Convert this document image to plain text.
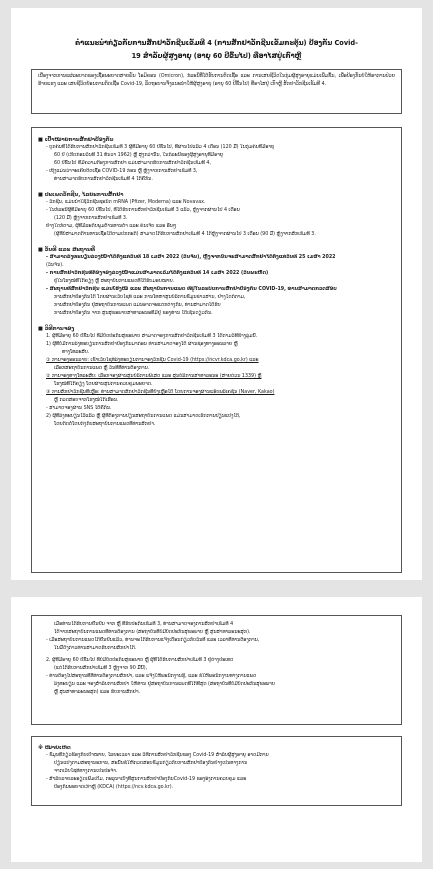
ຄໍາແນະນໍາກ່ຽວກັບການສັກຢາວັກຊີນເຂັມທີ 4 (ການສັກຢາວັກຊີນເຂັມກະຕຸ້ນ) ປ້ອງກັນ Covid-
19 ສໍາລັບຜູ້ສູງອາຍຸ (ອາຍຸ 60 ປີຂຶ້ນໄປ) ທີ່ອາໄສຢູ່ເກົາຫຼີ

ເນື່ອງຈາກການແຜ່ລະບາດຂອງເຊື້ອພະຍາດສາຍພັນ ໂອມິຄອນ (Omicron), ກໍລະນີທີ່ໄດ້ຮັບການຕິດເຊື້ອ ແລະ ການເສຍຊີວິດໃນກຸ່ມຜູ້ສູງອາຍຸແມ່ນເພີ່ມຂຶ້ນ, ເພື່ອປ້ອງກັນບໍ່ໃຫ້ອາການປ່ວຍຮ້າຍແຮງ ແລະ ເສຍຊີວິດຍ້ອນການຕິດເຊື້ອ Covid-19, ລັດຖະບານຈຶ່ງແນະນໍາໃຫ້ຜູ້ສູງອາຍຸ (ອາຍຸ 60 ປີຂຶ້ນໄປ) ທີ່ອາໄສຢູ່ ເກົາຫຼີ ສັກຢາວັກຊີນເຂັມທີ 4.

■ ເປົ້າໝາຍການສັກຢາປ້ອງກັນ
- ບຸກຄົນທີ່ໄດ້ຮັບການສັກຢາວັກຊີນເຂັມທີ 3 ຜູ້ທີ່ມີອາຍຸ 60 ປີຂຶ້ນໄປ, ທີ່ຜ່ານໄປແລ້ວ 4 ເດືອນ (120 ມື້) ໃນກຸ່ມຄົນທີ່ມີອາຍຸ
60 ປີ (ເກີດກ່ອນວັນທີ 31 ທັນວາ 1962) ຫຼື ສູງກວ່ານັ້ນ, ໃນກໍລະນີຂອງຜູ້ສູງອາຍຸທີ່ມີອາຍຸ
60 ປີຂຶ້ນໄປ ທີ່ມີຄວາມຕ້ອງການສັກຢາ ແມ່ນສາມາດຮັບການສັກຢາວັກຊີນເຂັມທີ 4,
- ເຖິງແມ່ນວ່າຈະເຄີຍຕິດເຊື້ອ COVID-19 ກ່ອນ ຫຼື ຫຼັງຈາກການສັກຢາເຂັມທີ 3,
ທ່ານສາມາດຮັບການສັກຢາວັກຊີນເຂັມທີ 4 ໄດ້ຄືກັນ.
■ ປະເພດວັກຊີນ, ໄລຍະການສັກຢາ
- ວັກຊີນ, ແມ່ນນໍາໃຊ້ວັກຊີນຊະນິດ mRNA (Pfizer, Moderna) ແລະ Novavax.
- ໃນກໍລະນີຜູ້ທີ່ມີອາຍຸ 60 ປີຂຶ້ນໄປ, ທີ່ໄດ້ຮັບການສັກຢາວັກຊີນເຂັມທີ 3 ແລ້ວ, ຫຼັງຈາກຜ່ານໄປ 4 ເດືອນ
(120 ມື້) ຫຼັງຈາກການສັກຢາເຂັມທີ 3.
ຢ່າງໃດກໍຕາມ, ຜູ້ທີ່ມີລະດັບພູມຕ້ານທານຕໍ່າ ແລະ ຄົນເຈັບ ແລະ ອື່ນໆ
(ຜູ້ທີ່ບໍ່ສາມາດຕ້ານທານເຊື້ອໄດ້ຕາມປົກກະຕິ) ສາມາດໄດ້ຮັບການສັກຢາເຂັມທີ 4 ໄດ້ຫຼັງຈາກຜ່ານໄປ 3 ເດືອນ (90 ມື້) ຫຼັງຈາກສັກເຂັມທີ 3.
■ ວັນທີ ແລະ ສະຖານທີ່
- ສາມາດລົງທະບຽນລ່ວງໜ້າໄດ້ຕັ້ງແຕ່ວັນທີ 18 ເມສາ 2022 (ວັນຈັນ), ຫຼັງຈາກນັ້ນຈະສາມາດສັກຢາໄດ້ຕັ້ງແຕ່ວັນທີ 25 ເມສາ 2022
(ວັນຈັນ).
- ການສັກຢາວັກຊີນທີ່ຕ້ອງຈອງລ່ວງໜ້າແມ່ນສາມາດເລີ່ມໄດ້ຕັ້ງແຕ່ວັນທີ 14 ເມສາ 2022 (ວັນພະຫັດ)
ຢູ່ໃນໂຮງໝໍທີ່ໃກ້ຄຽງ ຫຼື ສະຖາບັນການແພດທີ່ໄດ້ຮັບມອບໝາຍ.
- ສະຖານທີ່ສັກຢາວັກຊີນ ແມ່ນໂຮງໝໍ ແລະ ສະຖາບັນການແພດ ທີ່ຢູ່ໃນລະບົບການສັກຢາປ້ອງກັນ COVID-19, ທ່ານສາມາດກວດສອບ
ການສັກຢາປ້ອງກັນໄດ້ ໂດຍຜ່ານເວັບໄຊທ໌ ແລະ ການໂທຫາສູນບໍລິການຂໍ້ມູນຂ່າວສານ, ຢ່າງໃດກໍຕາມ,
ການສັກຢາປ້ອງກັນ ຢູ່ສະຖາບັນການແພດ ແມ່ນອາດຈະແຕກຕ່າງກັນ, ທ່ານສາມາດໄດ້ຮັບ
ການສັກຢາປ້ອງກັນ ຈາກ ສູນສຸຂະພາບສາທາລະນະທີ່ມີຢູ່ ຂອງທ່ານ ໄດ້ເຊັ່ນດຽວກັນ.
■ ວິທີການຈອງ
1. ຜູ້ທີ່ມີອາຍຸ 60 ປີຂຶ້ນໄປ ທີ່ມີບັດປະກັນສຸຂະພາບ ສາມາດຈອງການສັກຢາວັກຊີນເຂັມທີ 3 ໄດ້ຕາມວິທີຂ້າງລຸ່ມນີ້.
1) ຜູ້ທີ່ບໍ່ມີການລົງທະບຽນການສັກຢາປ້ອງກັນມາກ່ອນ ທ່ານສາມາດຈອງໄດ້ ຜ່ານຊ່ອງທາງອອນລາຍ ຫຼື
ທາງໂທລະສັບ.
① ການຈອງອອນລາຍ: ເຂົ້າເວັບໄຊທ໌ລົງທະບຽນການຈອງວັກຊີນ Covid-19 (https://ncvr.kdca.go.kr) ແລະ
ເລືອກສະຖາບັນການແພດ ຫຼື ວັນທີທີ່ທ່ານຕ້ອງການ.
② ການຈອງທາງໂທລະສັບ: ເລືອກຈອງຜ່ານສູນບໍລິການພິເສດ ແລະ ສູນບໍລິການສາທາລະນະ (ສາຍດ່ວນ 1339) ຫຼື
ໂຮງໝໍທີ່ໃກ້ຄຽງ ໂດຍຜ່ານສູນການຄວບຄຸມພະຍາດ.
③ ການສັກຢາວັກຊີນທີ່ເຫຼືອ: ທ່ານສາມາດສັກຢາວັກຊີນທີ່ຍັງເຫຼືອໄດ້ ໂດຍການຈອງຜ່ານແອັບພລິເຄຊັນ (Naver, Kakao)
ຫຼື ກວດສອບຈາກໂຮງໝໍໃກ້ເຮືອນ.
- ສາມາດຈອງຜ່ານ SNS ໄດ້ຄືກັນ.
2) ຜູ້ທີ່ລົງທະບຽນໄວ້ແລ້ວ ຫຼື ຜູ້ທີ່ຕ້ອງການປ່ຽນສະຖາບັນການແພດ ແມ່ນສາມາດເຮັດການປ່ຽນແປງໄດ້,
ໂດຍຕິດຕໍ່ໂດຍກົງກັບສະຖາບັນການແພດທີ່ທ່ານສັກຢາ.
ເມື່ອທ່ານໄດ້ຮັບການຢືນຢັນ ຈາກ ຫຼື ທີ່ຮັບປະກັນເຂັມທີ 3, ທ່ານສາມາດຈອງການສັກຢາເຂັມທີ 4
ໄດ້ຈາກສະຖາບັນການແພດທີ່ທ່ານຕ້ອງການ (ສະຖາບັນທີ່ບໍ່ມີບັດປະກັນສຸຂະພາບ ຫຼື ສູນສາທາລະນະສຸກ).
- ເມື່ອສະຖາບັນການແພດໄດ້ຢືນຢັນແລ້ວ, ທ່ານຈະໄດ້ຮັບການແຈ້ງເຕືອນກ່ຽວກັບວັນທີ ແລະ ເວລາທີ່ທ່ານຕ້ອງການ,
ໃນມື້ດັ່ງກ່າວທ່ານສາມາດຮັບການສັກຢາໄດ້.
2. ຜູ້ທີ່ມີອາຍຸ 60 ປີຂຶ້ນໄປ ທີ່ບໍ່ມີບັດປະກັນສຸຂະພາບ ຫຼື ຜູ້ທີ່ໄດ້ຮັບການສັກຢາເຂັມທີ 3 ຢູ່ຕ່າງປະເທດ
(ແຕ່ໄດ້ຮັບການສັກຢາເຂັມທີ 3 ຫຼັງຈາກ 90 ມື້ນີ້),
- ທ່ານຕ້ອງໄປສະຖານທີ່ທີ່ທ່ານຕ້ອງການສັກຢາ, ແລະ ແຈ້ງໃຫ້ພະນັກງານຮູ້, ແລະ ຂໍໃຫ້ພະນັກງານທາງການແພດ
ລົງທະບຽນ ແລະ ຈອງສໍາລັບການສັກຢາ ໃຫ້ທ່ານ ຢູ່ສະຖາບັນການແພດທີ່ໃກ້ທີ່ສຸດ (ສະຖາບັນທີ່ບໍ່ມີບັດປະກັນສຸຂະພາບ
ຫຼື ສູນສາທາລະນະສຸກ) ແລະ ຮັບການສັກຢາ.
※ ໝາຍເຫດ
- ຂໍ້ມູນທີ່ກ່ຽວຂ້ອງກັບເປົ້າໝາຍ, ໄລຍະເວລາ ແລະ ວິທີການສັກຢາວັກຊີນຂອງ Covid-19 ສໍາລັບຜູ້ສູງອາຍຸ ອາດມີການ
ປ່ຽນແປງຕາມສະຖານະການ, ສະນັ້ນຂໍໃຫ້ກວດສອບຂໍ້ມູນກ່ຽວກັບການສັກຢາປ້ອງກັນຢ່າງເປັນທາງການ
ຈາກເວັບໄຊທ໌ທາງການເປັນປະຈໍາ.
- ສໍາລັບລາຍລະອຽດເພີ່ມເຕີມ, ກະລຸນາເບິ່ງທີ່ສູນການສັກຢາປ້ອງກັນCovid-19 ຂອງອົງການຄວບຄຸມ ແລະ
ປ້ອງກັນພະຍາດເກົາຫຼີ (KDCA) (https://ncv.kdca.go.kr).
